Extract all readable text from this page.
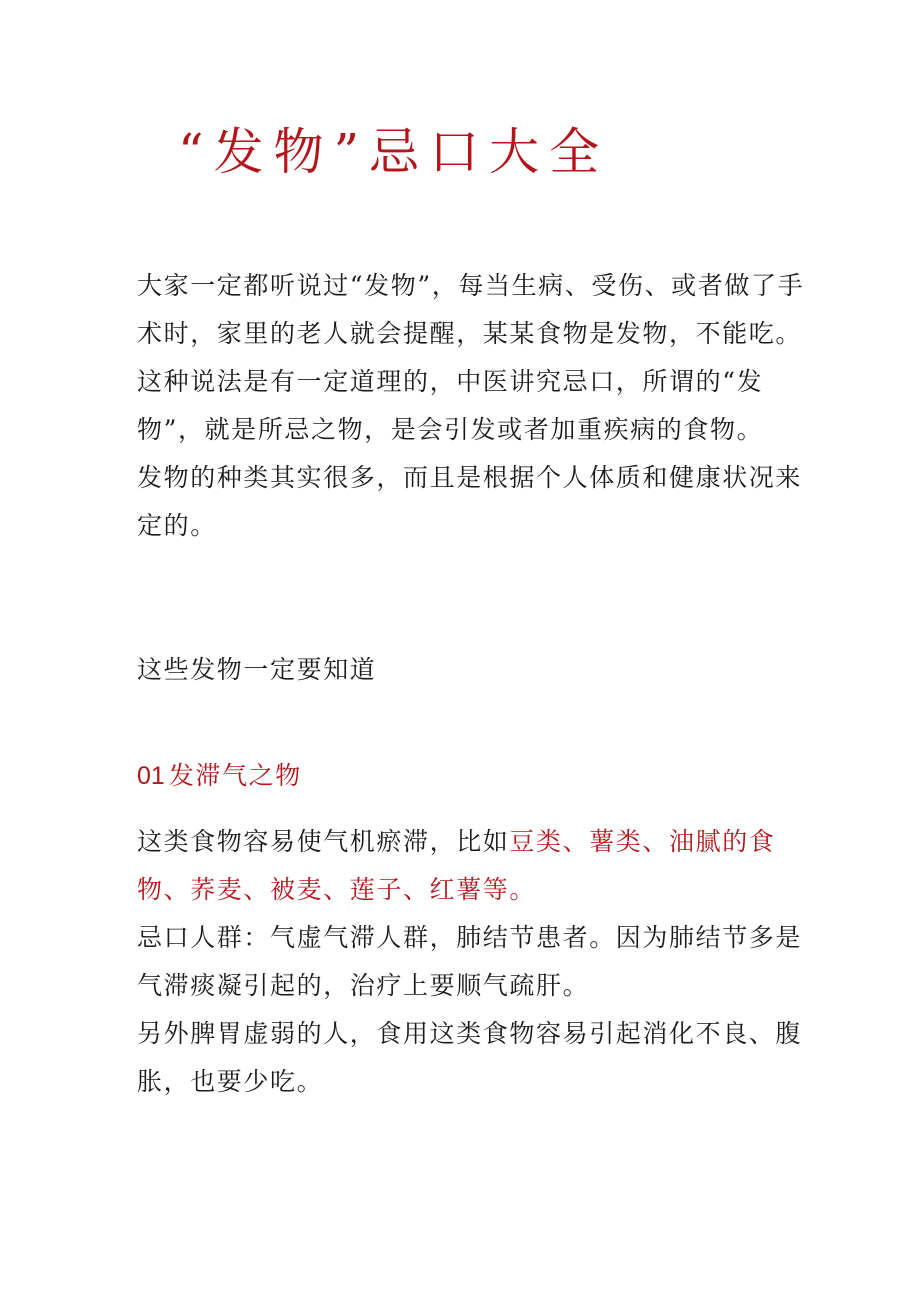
“发物”忌口大全

大家一定都听说过“发物”，每当生病、受伤、或者做了手术时，家里的老人就会提醒，某某食物是发物，不能吃。

这种说法是有一定道理的，中医讲究忌口，所谓的“发物”，就是所忌之物，是会引发或者加重疾病的食物。

发物的种类其实很多，而且是根据个人体质和健康状况来定的。

这些发物一定要知道

01 发滞气之物

这类食物容易使气机瘀滞，比如豆类、薯类、油腻的食物、荞麦、被麦、莲子、红薯等。

忌口人群：气虚气滞人群，肺结节患者。因为肺结节多是气滞痰凝引起的，治疗上要顺气疏肝。

另外脾胃虚弱的人，食用这类食物容易引起消化不良、腹胀，也要少吃。
